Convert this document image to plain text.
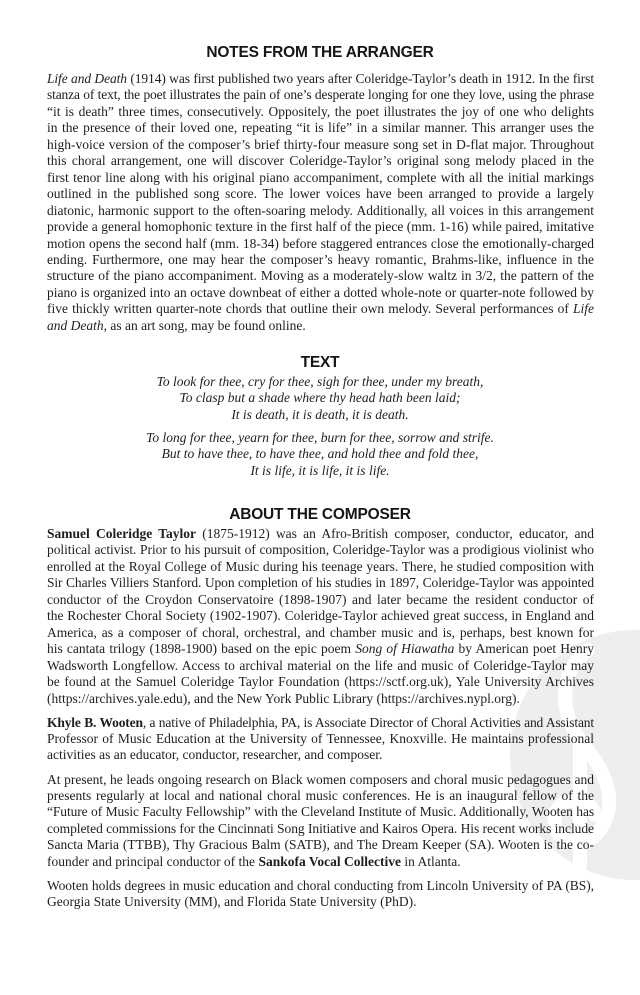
NOTES FROM THE ARRANGER
Life and Death (1914) was first published two years after Coleridge-Taylor’s death in 1912. In the first
stanza of text, the poet illustrates the pain of one’s desperate longing for one they love, using the phrase
“it is death” three times, consecutively. Oppositely, the poet illustrates the joy of one who delights
in the presence of their loved one, repeating “it is life” in a similar manner. This arranger uses the
high-voice version of the composer’s brief thirty-four measure song set in D-flat major. Throughout
this choral arrangement, one will discover Coleridge-Taylor’s original song melody placed in the
first tenor line along with his original piano accompaniment, complete with all the initial markings
outlined in the published song score. The lower voices have been arranged to provide a largely
diatonic, harmonic support to the often-soaring melody. Additionally, all voices in this arrangement
provide a general homophonic texture in the first half of the piece (mm. 1-16) while paired, imitative
motion opens the second half (mm. 18-34) before staggered entrances close the emotionally-charged
ending. Furthermore, one may hear the composer’s heavy romantic, Brahms-like, influence in the
structure of the piano accompaniment. Moving as a moderately-slow waltz in 3/2, the pattern of the
piano is organized into an octave downbeat of either a dotted whole-note or quarter-note followed by
five thickly written quarter-note chords that outline their own melody. Several performances of Life
and Death, as an art song, may be found online.
TEXT
To look for thee, cry for thee, sigh for thee, under my breath,
To clasp but a shade where thy head hath been laid;
It is death, it is death, it is death.
To long for thee, yearn for thee, burn for thee, sorrow and strife.
But to have thee, to have thee, and hold thee and fold thee,
It is life, it is life, it is life.
ABOUT THE COMPOSER
Samuel Coleridge Taylor (1875-1912) was an Afro-British composer, conductor, educator, and
political activist. Prior to his pursuit of composition, Coleridge-Taylor was a prodigious violinist who
enrolled at the Royal College of Music during his teenage years. There, he studied composition with
Sir Charles Villiers Stanford. Upon completion of his studies in 1897, Coleridge-Taylor was appointed
conductor of the Croydon Conservatoire (1898-1907) and later became the resident conductor of
the Rochester Choral Society (1902-1907). Coleridge-Taylor achieved great success, in England and
America, as a composer of choral, orchestral, and chamber music and is, perhaps, best known for
his cantata trilogy (1898-1900) based on the epic poem Song of Hiawatha by American poet Henry
Wadsworth Longfellow. Access to archival material on the life and music of Coleridge-Taylor may
be found at the Samuel Coleridge Taylor Foundation (https://sctf.org.uk), Yale University Archives
(https://archives.yale.edu), and the New York Public Library (https://archives.nypl.org).
Khyle B. Wooten, a native of Philadelphia, PA, is Associate Director of Choral Activities and Assistant
Professor of Music Education at the University of Tennessee, Knoxville. He maintains professional
activities as an educator, conductor, researcher, and composer.
At present, he leads ongoing research on Black women composers and choral music pedagogues and
presents regularly at local and national choral music conferences. He is an inaugural fellow of the
“Future of Music Faculty Fellowship” with the Cleveland Institute of Music. Additionally, Wooten has
completed commissions for the Cincinnati Song Initiative and Kairos Opera. His recent works include
Sancta Maria (TTBB), Thy Gracious Balm (SATB), and The Dream Keeper (SA). Wooten is the co-
founder and principal conductor of the Sankofa Vocal Collective in Atlanta.
Wooten holds degrees in music education and choral conducting from Lincoln University of PA (BS),
Georgia State University (MM), and Florida State University (PhD).
